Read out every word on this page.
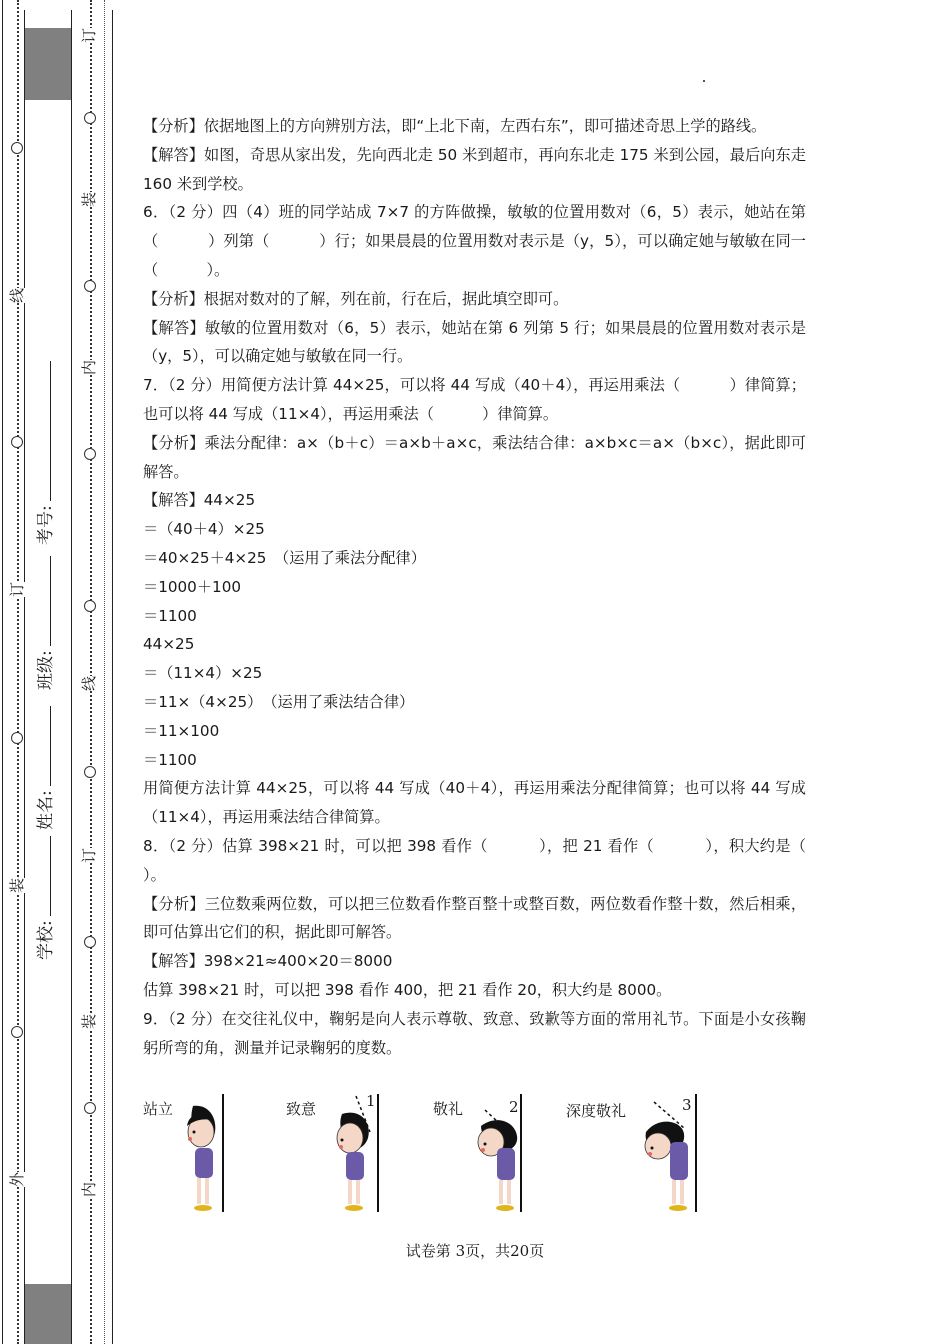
订
装
内
线
订
装
内
线
订
装
外
考号:
班级:
姓名:
学校:

【分析】依据地图上的方向辨别方法，即“上北下南，左西右东”，即可描述奇思上学的路线。

【解答】如图，奇思从家出发，先向西北走 50 米到超市，再向东北走 175 米到公园，最后向东走 160 米到学校。

6．（2 分）四（4）班的同学站成 7×7 的方阵做操，敏敏的位置用数对（6，5）表示，她站在第（          ）列第（          ）行；如果晨晨的位置用数对表示是（y，5），可以确定她与敏敏在同一（          ）。

【分析】根据对数对的了解，列在前，行在后，据此填空即可。

【解答】敏敏的位置用数对（6，5）表示，她站在第 6 列第 5 行；如果晨晨的位置用数对表示是（y，5），可以确定她与敏敏在同一行。

7．（2 分）用简便方法计算 44×25，可以将 44 写成（40＋4），再运用乘法（          ）律简算；也可以将 44 写成（11×4），再运用乘法（          ）律简算。

【分析】乘法分配律：a×（b＋c）＝a×b＋a×c，乘法结合律：a×b×c＝a×（b×c），据此即可解答。

【解答】44×25

＝（40＋4）×25

＝40×25＋4×25　（运用了乘法分配律）

＝1000＋100

＝1100

44×25

＝（11×4）×25

＝11×（4×25）　（运用了乘法结合律）

＝11×100

＝1100

用简便方法计算 44×25，可以将 44 写成（40＋4），再运用乘法分配律简算；也可以将 44 写成（11×4），再运用乘法结合律简算。

8．（2 分）估算 398×21 时，可以把 398 看作（          ），把 21 看作（          ），积大约是（          ）。

【分析】三位数乘两位数，可以把三位数看作整百整十或整百数，两位数看作整十数，然后相乘，即可估算出它们的积，据此即可解答。

【解答】398×21≈400×20＝8000

估算 398×21 时，可以把 398 看作 400，把 21 看作 20，积大约是 8000。

9．（2 分）在交往礼仪中，鞠躬是向人表示尊敬、致意、致歉等方面的常用礼节。下面是小女孩鞠躬所弯的角，测量并记录鞠躬的度数。

站立	致意	1	敬礼	2	深度敬礼	3
试卷第 3页，共20页
